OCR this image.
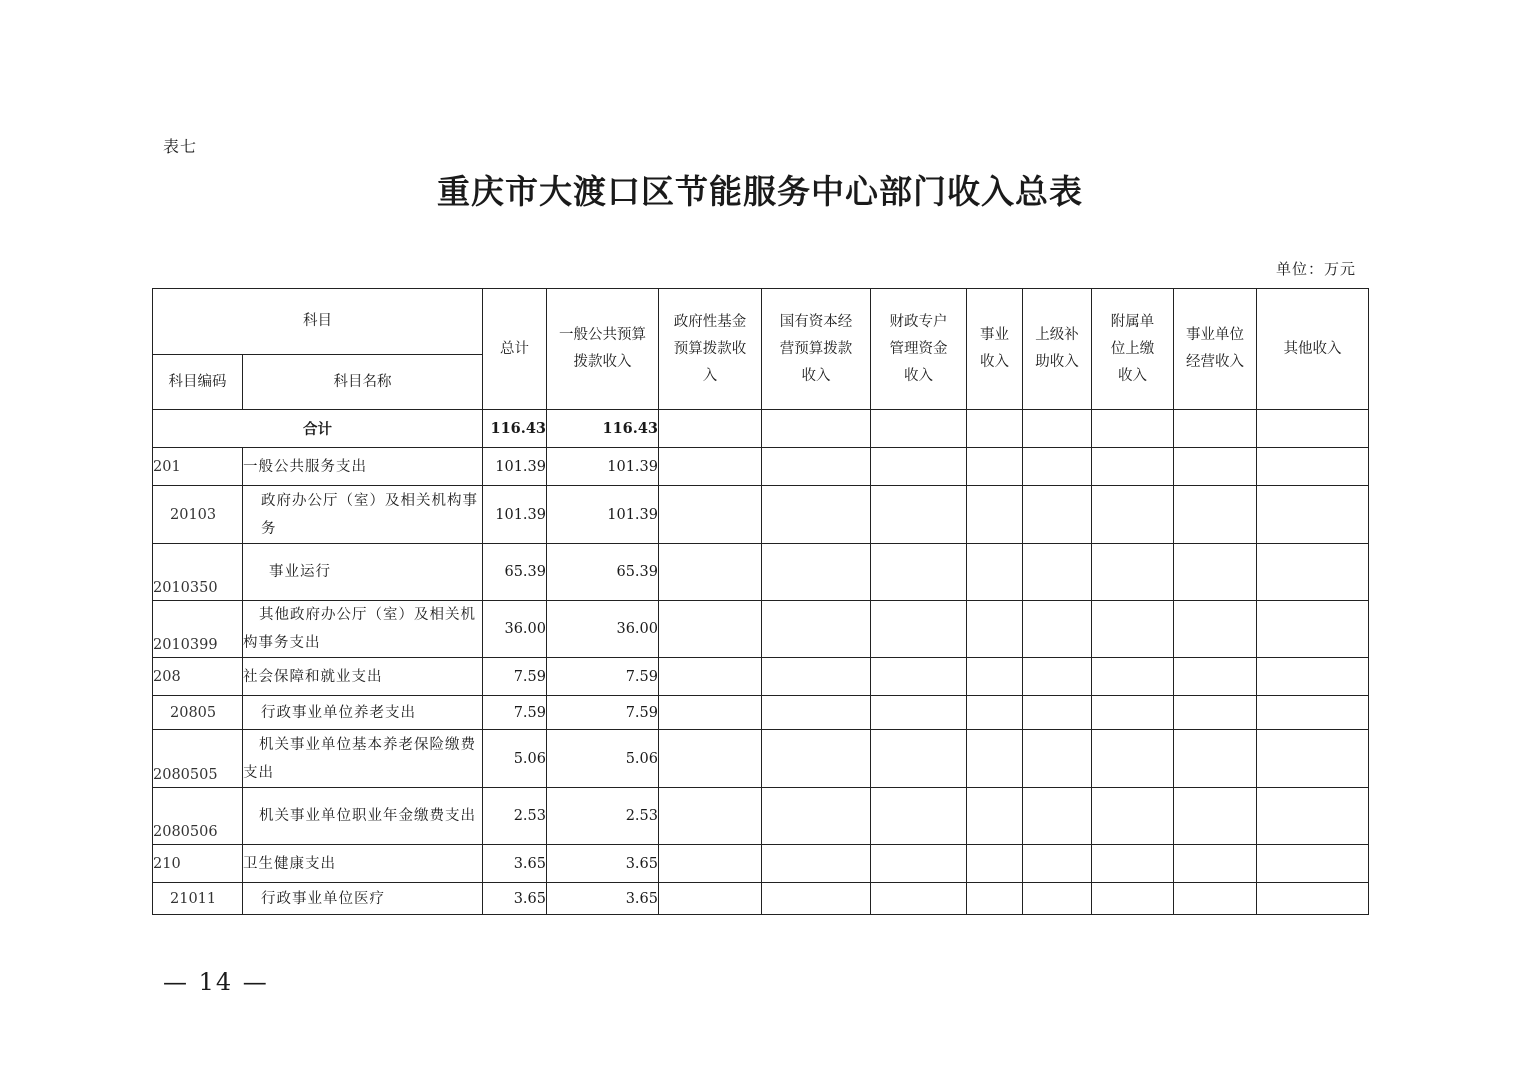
表七
重庆市大渡口区节能服务中心部门收入总表
单位：万元
科目		总计	一般公共预算拨款收入	政府性基金预算拨款收入	国有资本经营预算拨款收入	财政专户管理资金收入	事业收入	上级补助收入	附属单位上缴收入	事业单位经营收入	其他收入
科目编码	科目名称										
合计		116.43	116.43								
201	一般公共服务支出	101.39	101.39								
20103	政府办公厅（室）及相关机构事务	101.39	101.39								
2010350	事业运行	65.39	65.39								
2010399	其他政府办公厅（室）及相关机构事务支出	36.00	36.00								
208	社会保障和就业支出	7.59	7.59								
20805	行政事业单位养老支出	7.59	7.59								
2080505	机关事业单位基本养老保险缴费支出	5.06	5.06								
2080506	机关事业单位职业年金缴费支出	2.53	2.53								
210	卫生健康支出	3.65	3.65								
21011	行政事业单位医疗	3.65	3.65								
— 14 —
